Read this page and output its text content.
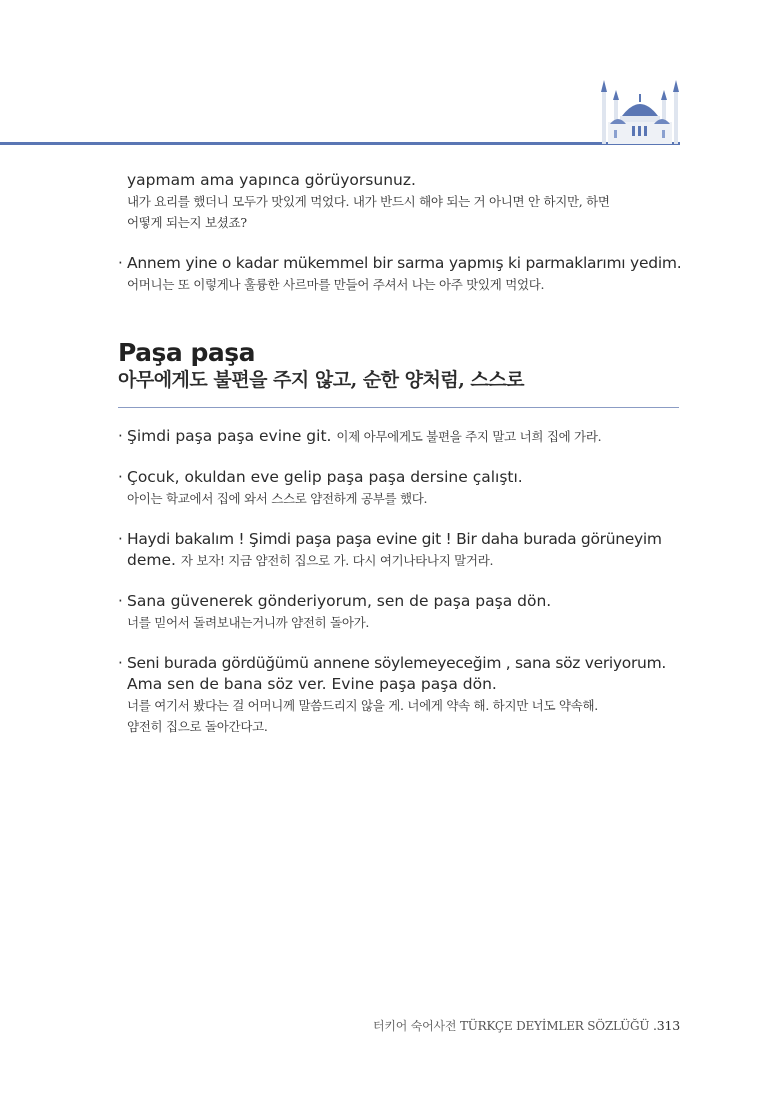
yapmam ama yapınca görüyorsunuz.
내가 요리를 했더니 모두가 맛있게 먹었다. 내가 반드시 해야 되는 거 아니면 안 하지만, 하면
어떻게 되는지 보셨죠?
· Annem yine o kadar mükemmel bir sarma yapmış ki parmaklarımı yedim.
어머니는 또 이렇게나 훌륭한 사르마를 만들어 주셔서 나는 아주 맛있게 먹었다.
Paşa paşa
아무에게도 불편을 주지 않고, 순한 양처럼, 스스로
· Şimdi paşa paşa evine git. 이제 아무에게도 불편을 주지 말고 너희 집에 가라.
· Çocuk, okuldan eve gelip paşa paşa dersine çalıştı.
아이는 학교에서 집에 와서 스스로 얌전하게 공부를 했다.
· Haydi bakalım ! Şimdi paşa paşa evine git ! Bir daha burada görüneyim
deme. 자 보자! 지금 얌전히 집으로 가. 다시 여기나타나지 말거라.
· Sana güvenerek gönderiyorum, sen de paşa paşa dön.
너를 믿어서 돌려보내는거니까 얌전히 돌아가.
· Seni burada gördüğümü annene söylemeyeceğim , sana söz veriyorum.
Ama sen de bana söz ver. Evine paşa paşa dön.
너를 여기서 봤다는 걸 어머니께 말씀드리지 않을 게. 너에게 약속 해. 하지만 너도 약속해.
얌전히 집으로 돌아간다고.
터키어 숙어사전 TÜRKÇE DEYİMLER SÖZLÜĞÜ .313
